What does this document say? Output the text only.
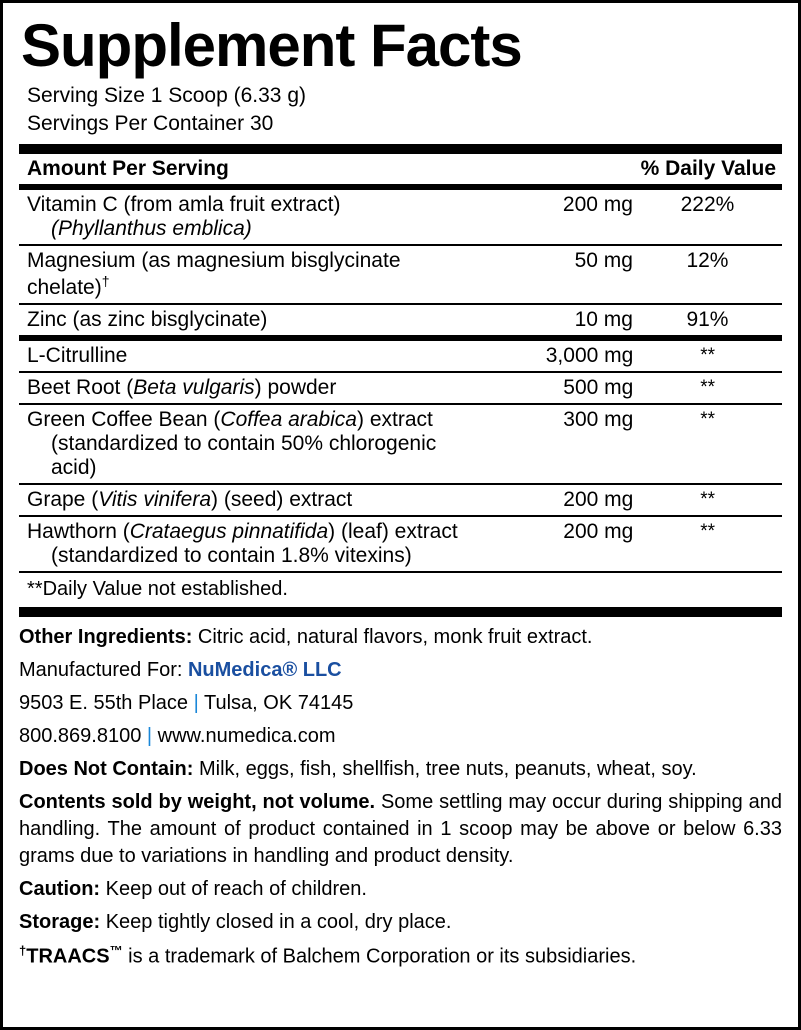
Supplement Facts
Serving Size 1 Scoop (6.33 g)
Servings Per Container 30
Amount Per Serving		% Daily Value
Vitamin C (from amla fruit extract)
(Phyllanthus emblica)	200 mg	222%
Magnesium (as magnesium bisglycinate chelate)†	50 mg	12%
Zinc (as zinc bisglycinate)	10 mg	91%
L-Citrulline	3,000 mg	**
Beet Root (Beta vulgaris) powder	500 mg	**
Green Coffee Bean (Coffea arabica) extract
(standardized to contain 50% chlorogenic acid)	300 mg	**
Grape (Vitis vinifera) (seed) extract	200 mg	**
Hawthorn (Crataegus pinnatifida) (leaf) extract
(standardized to contain 1.8% vitexins)	200 mg	**
**Daily Value not established.

Other Ingredients: Citric acid, natural flavors, monk fruit extract.

Manufactured For: NuMedica® LLC

9503 E. 55th Place | Tulsa, OK 74145

800.869.8100 | www.numedica.com

Does Not Contain: Milk, eggs, fish, shellfish, tree nuts, peanuts, wheat, soy.

Contents sold by weight, not volume. Some settling may occur during shipping and handling. The amount of product contained in 1 scoop may be above or below 6.33 grams due to variations in handling and product density.

Caution: Keep out of reach of children.

Storage: Keep tightly closed in a cool, dry place.

†TRAACS™ is a trademark of Balchem Corporation or its subsidiaries.
